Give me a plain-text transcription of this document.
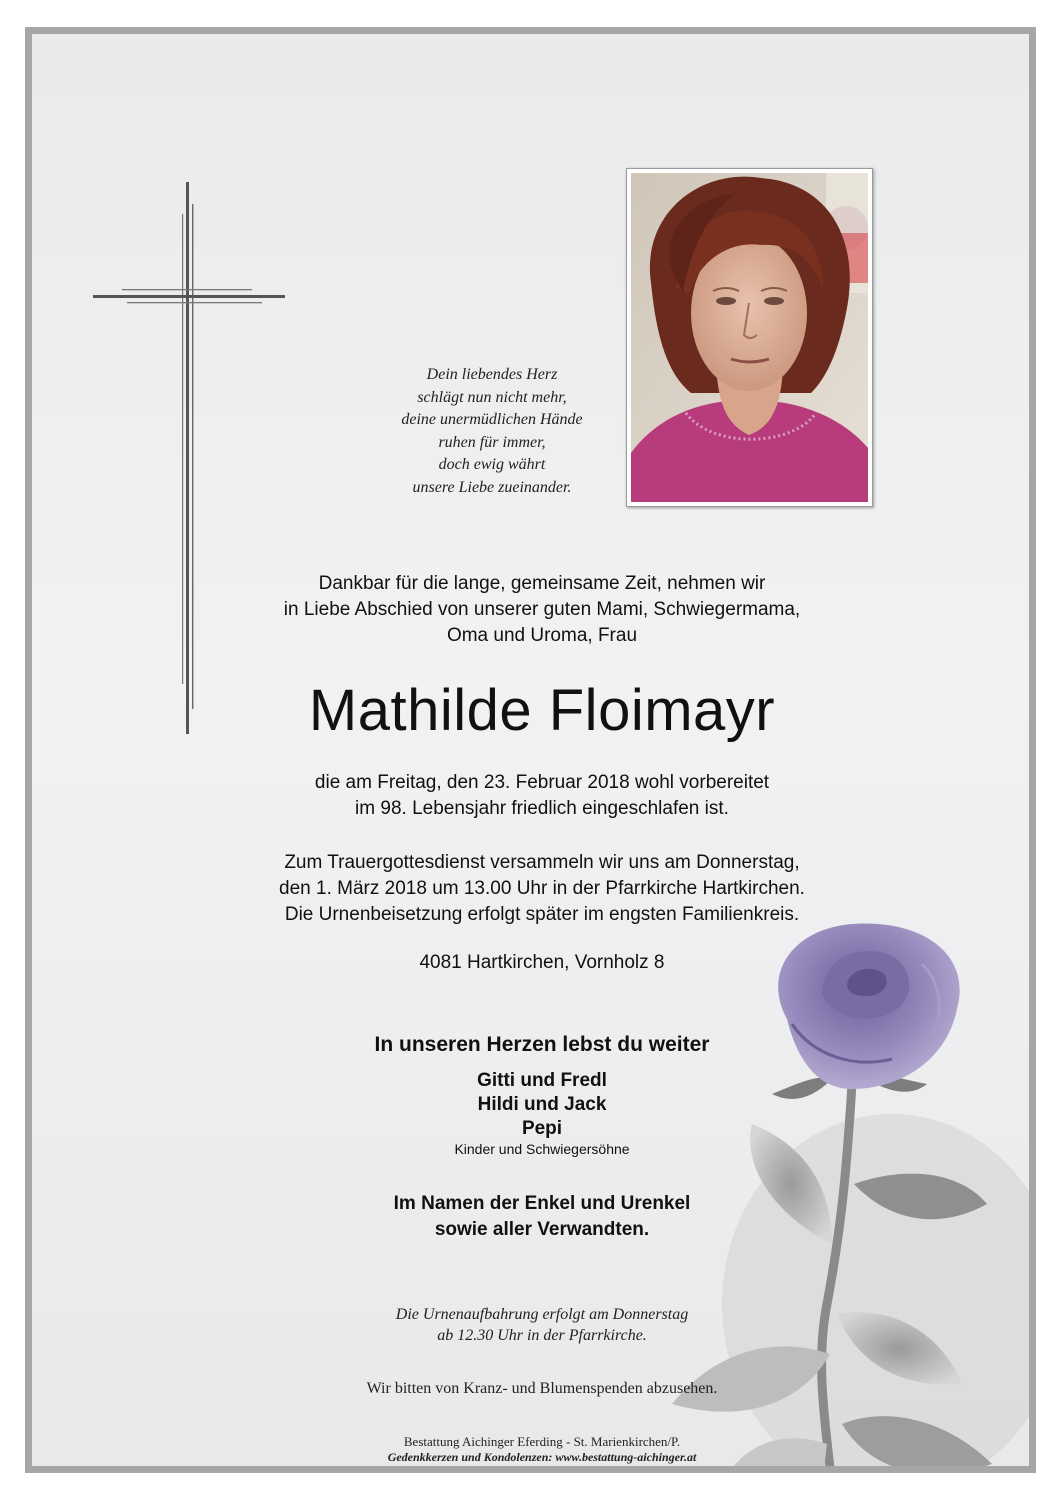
Dein liebendes Herz
schlägt nun nicht mehr,
deine unermüdlichen Hände
ruhen für immer,
doch ewig währt
unsere Liebe zueinander.
Dankbar für die lange, gemeinsame Zeit, nehmen wir
in Liebe Abschied von unserer guten Mami, Schwiegermama,
Oma und Uroma, Frau
Mathilde Floimayr
die am Freitag, den 23. Februar 2018 wohl vorbereitet
im 98. Lebensjahr friedlich eingeschlafen ist.
Zum Trauergottesdienst versammeln wir uns am Donnerstag,
den 1. März 2018 um 13.00 Uhr in der Pfarrkirche Hartkirchen.
Die Urnenbeisetzung erfolgt später im engsten Familienkreis.
4081 Hartkirchen, Vornholz 8
In unseren Herzen lebst du weiter
Gitti und Fredl
Hildi und Jack
Pepi
Kinder und Schwiegersöhne
Im Namen der Enkel und Urenkel
sowie aller Verwandten.
Die Urnenaufbahrung erfolgt am Donnerstag
ab 12.30 Uhr in der Pfarrkirche.
Wir bitten von Kranz- und Blumenspenden abzusehen.
Bestattung Aichinger Eferding - St. Marienkirchen/P.
Gedenkkerzen und Kondolenzen: www.bestattung-aichinger.at
